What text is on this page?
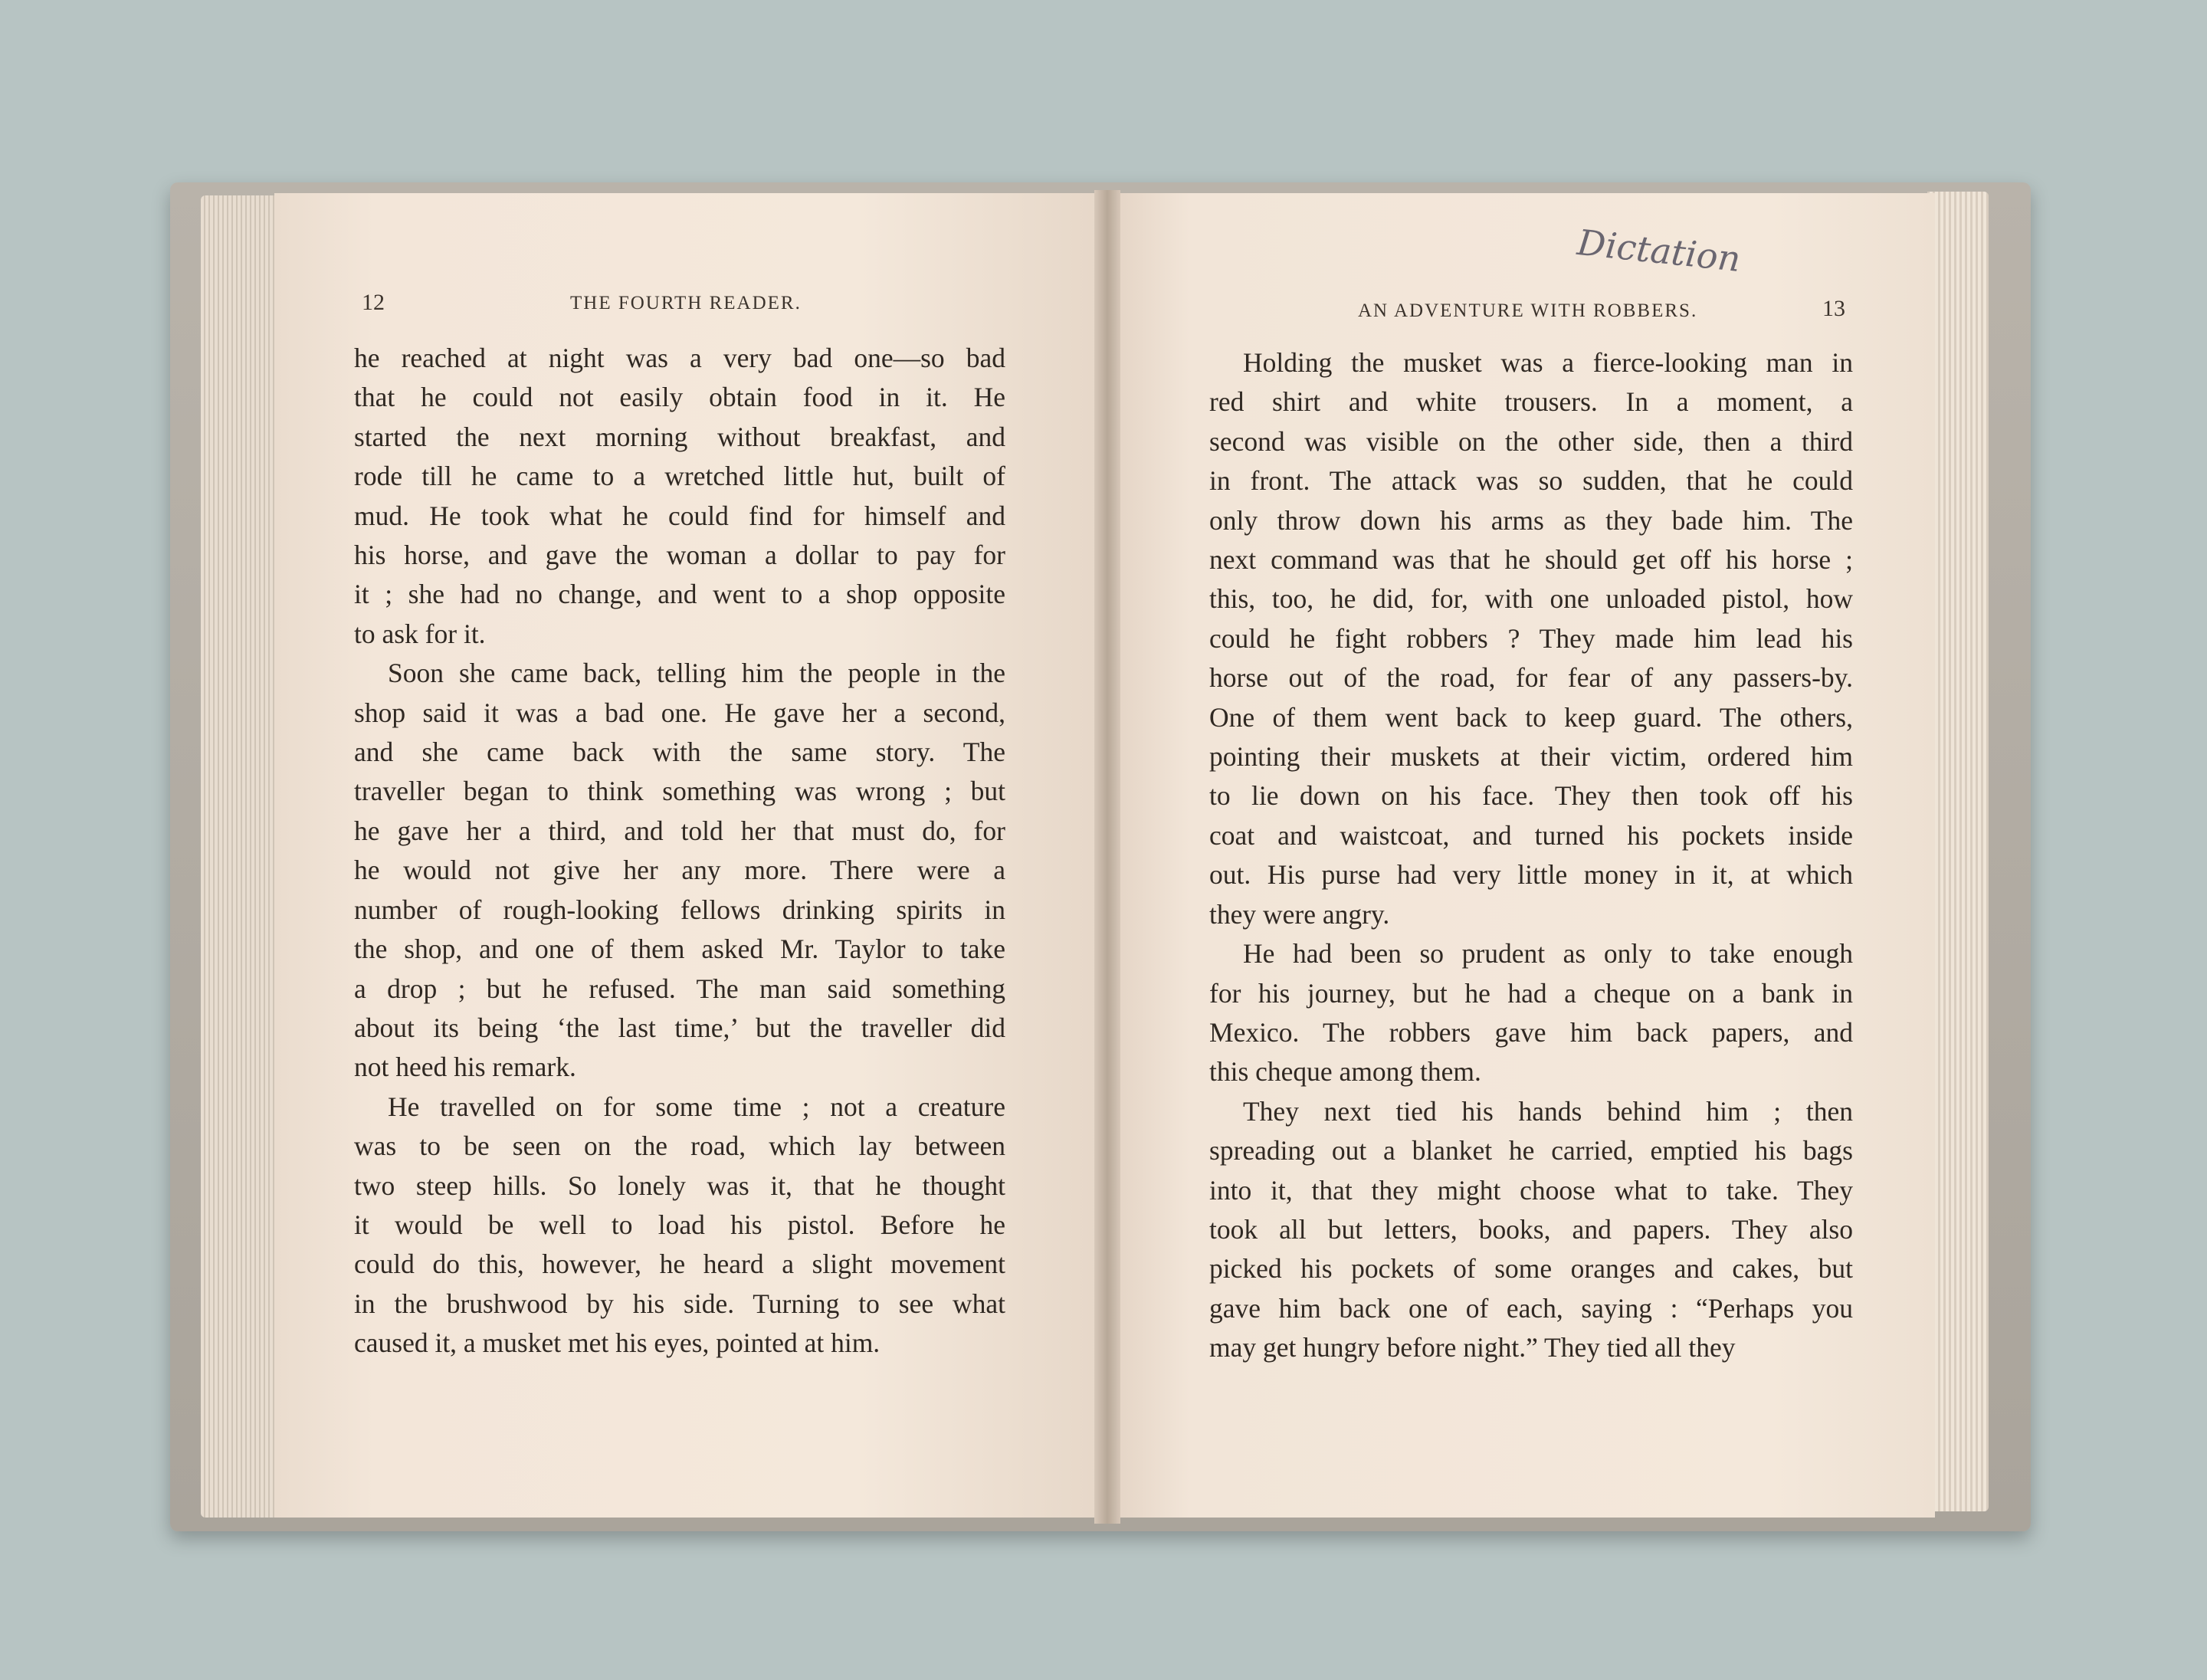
12	THE FOURTH READER.
Dictation
AN ADVENTURE WITH ROBBERS.	13

he reached at night was a very bad one—so bad
that he could not easily obtain food in it. He
started the next morning without breakfast, and
rode till he came to a wretched little hut, built of
mud. He took what he could find for himself and
his horse, and gave the woman a dollar to pay for
it ; she had no change, and went to a shop opposite
to ask for it.

Soon she came back, telling him the people in the
shop said it was a bad one. He gave her a second,
and she came back with the same story. The
traveller began to think something was wrong ; but
he gave her a third, and told her that must do, for
he would not give her any more. There were a
number of rough-looking fellows drinking spirits in
the shop, and one of them asked Mr. Taylor to take
a drop ; but he refused. The man said something
about its being ‘the last time,’ but the traveller did
not heed his remark.

He travelled on for some time ; not a creature
was to be seen on the road, which lay between
two steep hills. So lonely was it, that he thought
it would be well to load his pistol. Before he
could do this, however, he heard a slight movement
in the brushwood by his side. Turning to see what
caused it, a musket met his eyes, pointed at him.

Holding the musket was a fierce-looking man in
red shirt and white trousers. In a moment, a
second was visible on the other side, then a third
in front. The attack was so sudden, that he could
only throw down his arms as they bade him. The
next command was that he should get off his horse ;
this, too, he did, for, with one unloaded pistol, how
could he fight robbers ? They made him lead his
horse out of the road, for fear of any passers-by.
One of them went back to keep guard. The others,
pointing their muskets at their victim, ordered him
to lie down on his face. They then took off his
coat and waistcoat, and turned his pockets inside
out. His purse had very little money in it, at which
they were angry.

He had been so prudent as only to take enough
for his journey, but he had a cheque on a bank in
Mexico. The robbers gave him back papers, and
this cheque among them.

They next tied his hands behind him ; then
spreading out a blanket he carried, emptied his bags
into it, that they might choose what to take. They
took all but letters, books, and papers. They also
picked his pockets of some oranges and cakes, but
gave him back one of each, saying : “Perhaps you
may get hungry before night.” They tied all they
